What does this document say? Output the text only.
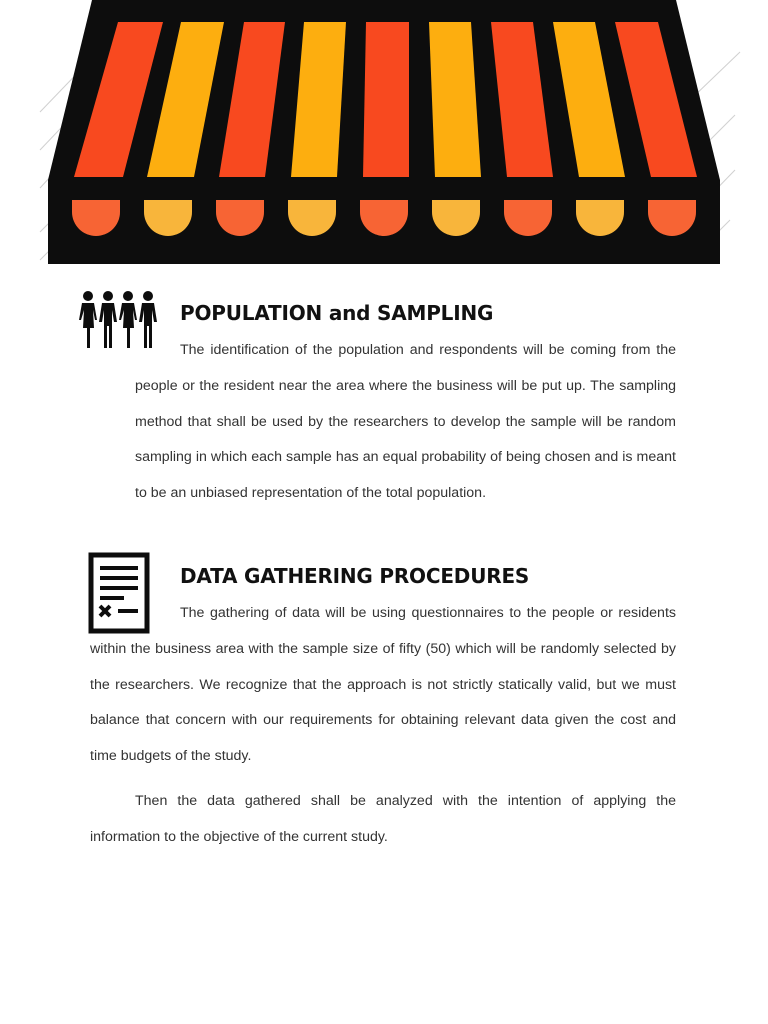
POPULATION and SAMPLING

The identification of the population and respondents will be coming from the people or the resident near the area where the business will be put up. The sampling method that shall be used by the researchers to develop the sample will be random sampling in which each sample has an equal probability of being chosen and is meant to be an unbiased representation of the total population.

DATA GATHERING PROCEDURES

The gathering of data will be using questionnaires to the people or residents within the business area with the sample size of fifty (50) which will be randomly selected by the researchers. We recognize that the approach is not strictly statically valid, but we must balance that concern with our requirements for obtaining relevant data given the cost and time budgets of the study.

Then the data gathered shall be analyzed with the intention of applying the information to the objective of the current study.
